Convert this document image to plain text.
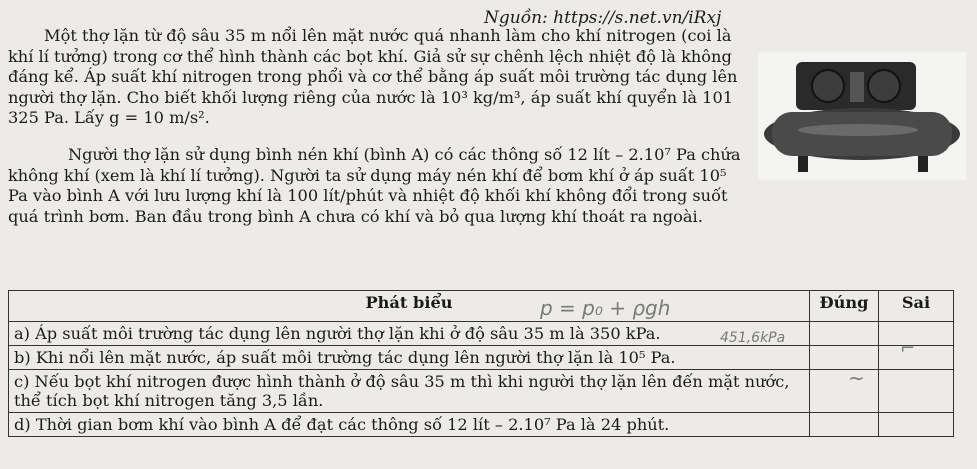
Nguồn: https://s.net.vn/iRxj

Một thợ lặn từ độ sâu 35 m nổi lên mặt nước quá nhanh làm cho khí nitrogen (coi là khí lí tưởng) trong cơ thể hình thành các bọt khí. Giả sử sự chênh lệch nhiệt độ là không đáng kể. Áp suất khí nitrogen trong phổi và cơ thể bằng áp suất môi trường tác dụng lên người thợ lặn. Cho biết khối lượng riêng của nước là 10³ kg/m³, áp suất khí quyển là 101 325 Pa. Lấy g = 10 m/s².

Người thợ lặn sử dụng bình nén khí (bình A) có các thông số 12 lít – 2.10⁷ Pa chứa không khí (xem là khí lí tưởng). Người ta sử dụng máy nén khí để bơm khí ở áp suất 10⁵ Pa vào bình A với lưu lượng khí là 100 lít/phút và nhiệt độ khối khí không đổi trong suốt quá trình bơm. Ban đầu trong bình A chưa có khí và bỏ qua lượng khí thoát ra ngoài.

Phát biểu	Đúng	Sai
a) Áp suất môi trường tác dụng lên người thợ lặn khi ở độ sâu 35 m là 350 kPa.		
b) Khi nổi lên mặt nước, áp suất môi trường tác dụng lên người thợ lặn là 10⁵ Pa.		
c) Nếu bọt khí nitrogen được hình thành ở độ sâu 35 m thì khi người thợ lặn lên đến mặt nước, thể tích bọt khí nitrogen tăng 3,5 lần.		
d) Thời gian bơm khí vào bình A để đạt các thông số 12 lít – 2.10⁷ Pa là 24 phút.		
p = p₀ + ρgh
451,6kPa	⌐
~
